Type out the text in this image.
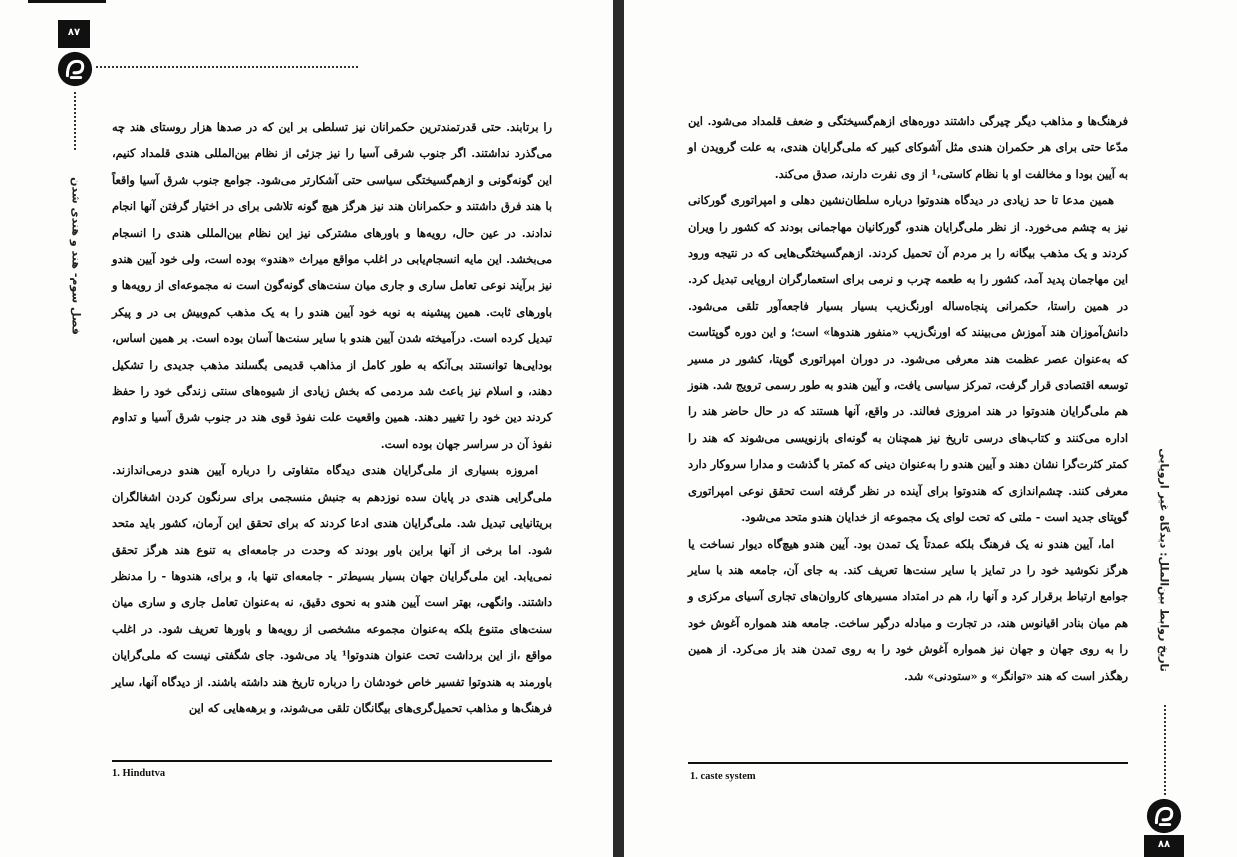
۸۷
فصل سوم- هند و هندی شدن

را برتابند. حتی قدرتمندترین حکمرانان نیز تسلطی بر این که در صدها هزار روستای هند چه می‌گذرد نداشتند. اگر جنوب شرقی آسیا را نیز جزئی از نظام بین‌المللی هندی قلمداد کنیم، این گونه‌گونی و ازهم‌گسیختگی سیاسی حتی آشکارتر می‌شود. جوامع جنوب شرق آسیا واقعاً با هند فرق داشتند و حکمرانان هند نیز هرگز هیچ گونه تلاشی برای در اختیار گرفتن آنها انجام ندادند. در عین حال، رویه‌ها و باورهای مشترکی نیز این نظام بین‌المللی هندی را انسجام می‌بخشد. این مایه انسجام‌یابی در اغلب مواقع میراث «هندو» بوده است، ولی خود آیین هندو نیز برآیند نوعی تعامل ساری و جاری میان سنت‌های گونه‌گون است نه مجموعه‌ای از رویه‌ها و باورهای ثابت. همین پیشینه به نوبه خود آیین هندو را به یک مذهب کم‌وبیش بی در و پیکر تبدیل کرده است. درآمیخته شدن آیین هندو با سایر سنت‌ها آسان بوده است. بر همین اساس، بودایی‌ها توانستند بی‌آنکه به طور کامل از مذاهب قدیمی بگسلند مذهب جدیدی را تشکیل دهند، و اسلام نیز باعث شد مردمی که بخش زیادی از شیوه‌های سنتی زندگی خود را حفظ کردند دین خود را تغییر دهند. همین واقعیت علت نفوذ قوی هند در جنوب شرق آسیا و تداوم نفوذ آن در سراسر جهان بوده است.

امروزه بسیاری از ملی‌گرایان هندی دیدگاه متفاوتی را درباره آیین هندو درمی‌اندازند. ملی‌گرایی هندی در پایان سده نوزدهم به جنبش منسجمی برای سرنگون کردن اشغالگران بریتانیایی تبدیل شد. ملی‌گرایان هندی ادعا کردند که برای تحقق این آرمان، کشور باید متحد شود. اما برخی از آنها براین باور بودند که وحدت در جامعه‌ای به تنوع هند هرگز تحقق نمی‌یابد. این ملی‌گرایان جهان بسیار بسیط‌تر - جامعه‌ای تنها با، و برای، هندوها - را مدنظر داشتند. وانگهی، بهتر است آیین هندو به نحوی دقیق، نه به‌عنوان تعامل جاری و ساری میان سنت‌های متنوع بلکه به‌عنوان مجموعه مشخصی از رویه‌ها و باورها تعریف شود. در اغلب مواقع ،از این برداشت تحت عنوان هندوتوا¹ یاد می‌شود. جای شگفتی نیست که ملی‌گرایان باورمند به هندوتوا تفسیر خاص خودشان را درباره تاریخ هند داشته باشند. از دیدگاه آنها، سایر فرهنگ‌ها و مذاهب تحمیل‌گری‌های بیگانگان تلقی می‌شوند، و برهه‌هایی که این

1. Hindutva

فرهنگ‌ها و مذاهب دیگر چیرگی داشتند دوره‌های ازهم‌گسیختگی و ضعف قلمداد می‌شود. این مدّعا حتی برای هر حکمران هندی مثل آشوکای کبیر که ملی‌گرایان هندی، به علت گرویدن او به آیین بودا و مخالفت او با نظام کاستی،¹ از وی نفرت دارند، صدق می‌کند.

همین مدعا تا حد زیادی در دیدگاه هندوتوا درباره سلطان‌نشین دهلی و امپراتوری گورکانی نیز به چشم می‌خورد. از نظر ملی‌گرایان هندو، گورکانیان مهاجمانی بودند که کشور را ویران کردند و یک مذهب بیگانه را بر مردم آن تحمیل کردند. ازهم‌گسیختگی‌هایی که در نتیجه ورود این مهاجمان پدید آمد، کشور را به طعمه چرب و نرمی برای استعمارگران اروپایی تبدیل کرد. در همین راستا، حکمرانی پنجاه‌ساله اورنگ‌زیب بسیار بسیار فاجعه‌آور تلقی می‌شود. دانش‌آموزان هند آموزش می‌بینند که اورنگ‌زیب «منفور هندوها» است؛ و این دوره گوپتاست که به‌عنوان عصر عظمت هند معرفی می‌شود. در دوران امپراتوری گوپتا، کشور در مسیر توسعه اقتصادی قرار گرفت، تمرکز سیاسی یافت، و آیین هندو به طور رسمی ترویج شد. هنوز هم ملی‌گرایان هندوتوا در هند امروزی فعالند. در واقع، آنها هستند که در حال حاضر هند را اداره می‌کنند و کتاب‌های درسی تاریخ نیز همچنان به گونه‌ای بازنویسی می‌شوند که هند را کمتر کثرت‌گرا نشان دهند و آیین هندو را به‌عنوان دینی که کمتر با گذشت و مدارا سروکار دارد معرفی کنند. چشم‌اندازی که هندوتوا برای آینده در نظر گرفته است تحقق نوعی امپراتوری گوپتای جدید است - ملتی که تحت لوای یک مجموعه از خدایان هندو متحد می‌شود.

اما، آیین هندو نه یک فرهنگ بلکه عمدتاً یک تمدن بود. آیین هندو هیچ‌گاه دیوار نساخت یا هرگز نکوشید خود را در تمایز با سایر سنت‌ها تعریف کند. به جای آن، جامعه هند با سایر جوامع ارتباط برقرار کرد و آنها را، هم در امتداد مسیرهای کاروان‌های تجاری آسیای مرکزی و هم میان بنادر اقیانوس هند، در تجارت و مبادله درگیر ساخت. جامعه هند همواره آغوش خود را به روی جهان و جهان نیز همواره آغوش خود را به روی تمدن هند باز می‌کرد. از همین رهگذر است که هند «توانگر» و «ستودنی» شد.

1. caste system
تاریخ روابط بین‌الملل: دیدگاه غیر اروپایی
۸۸
